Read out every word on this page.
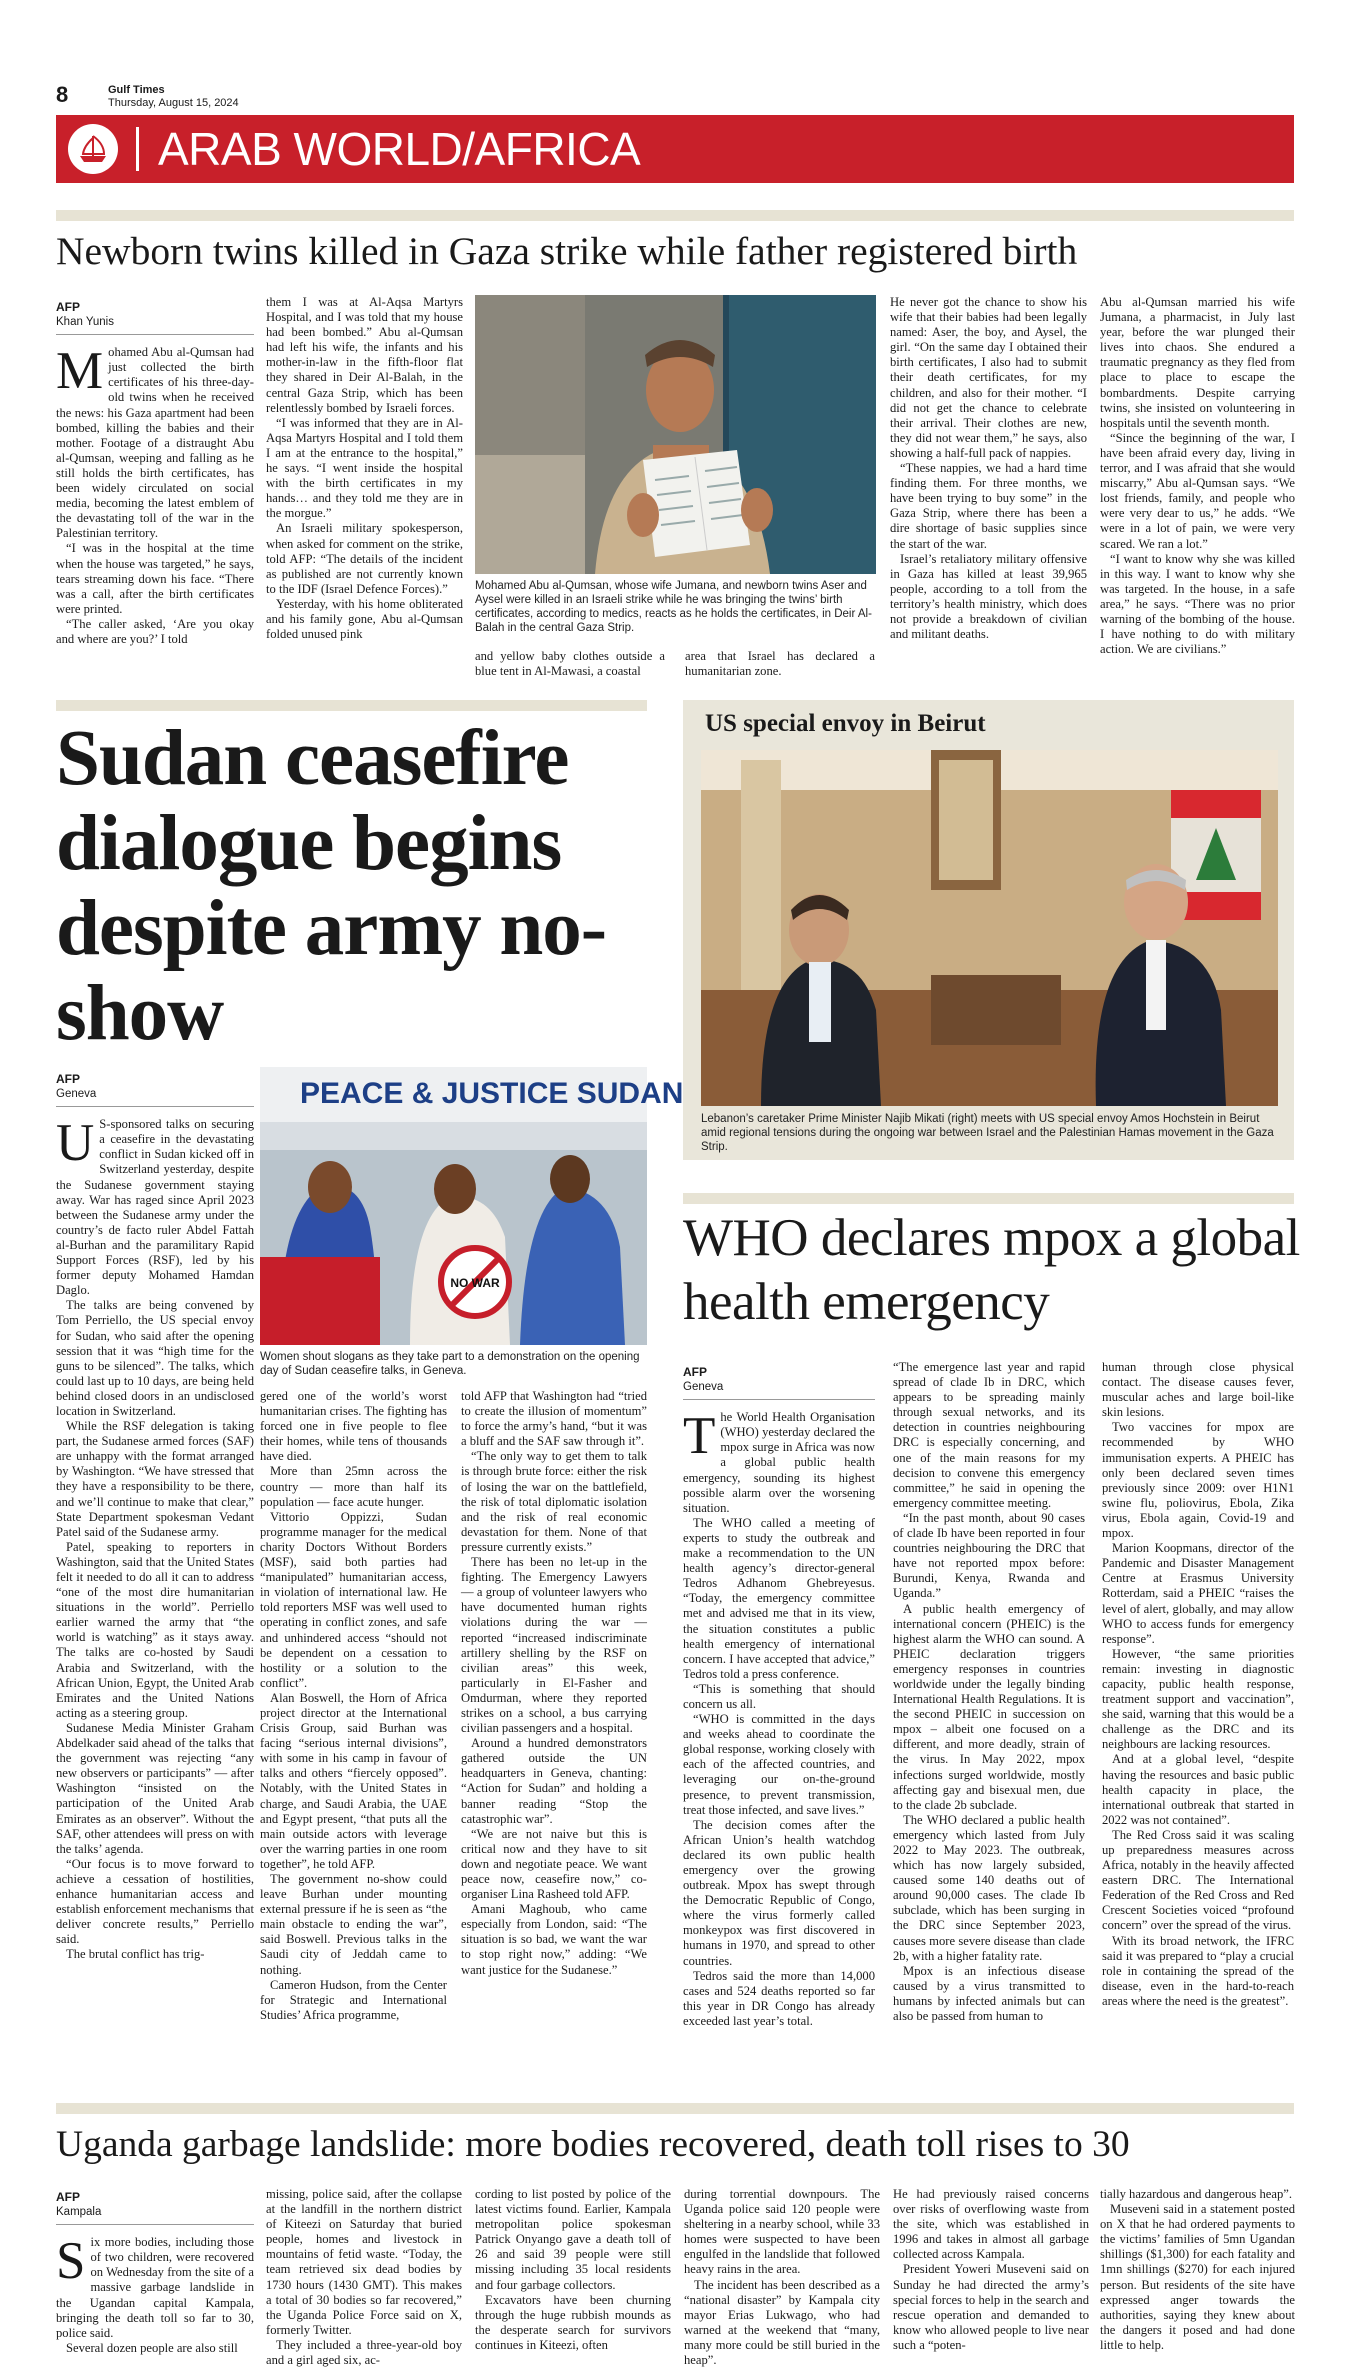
8	Gulf Times
Thursday, August 15, 2024
ARAB WORLD/AFRICA
Newborn twins killed in Gaza strike while father registered birth
AFP
Khan Yunis
M ohamed Abu al-Qumsan had just collected the birth certificates of his three-day-old twins when he received the news: his Gaza apartment had been bombed, killing the babies and their mother. Footage of a distraught Abu al-Qumsan, weeping and falling as he still holds the birth certificates, has been widely circulated on social media, becoming the latest emblem of the devastating toll of the war in the Palestinian territory.

“I was in the hospital at the time when the house was targeted,” he says, tears streaming down his face. “There was a call, after the birth certificates were printed.

“The caller asked, ‘Are you okay and where are you?’ I told

them I was at Al-Aqsa Martyrs Hospital, and I was told that my house had been bombed.” Abu al-Qumsan had left his wife, the infants and his mother-in-law in the fifth-floor flat they shared in Deir Al-Balah, in the central Gaza Strip, which has been relentlessly bombed by Israeli forces.

“I was informed that they are in Al-Aqsa Martyrs Hospital and I told them I am at the entrance to the hospital,” he says. “I went inside the hospital with the birth certificates in my hands… and they told me they are in the morgue.”

An Israeli military spokesperson, when asked for comment on the strike, told AFP: “The details of the incident as published are not currently known to the IDF (Israel Defence Forces).”

Yesterday, with his home obliterated and his family gone, Abu al-Qumsan folded unused pink

Mohamed Abu al-Qumsan, whose wife Jumana, and newborn twins Aser and Aysel were killed in an Israeli strike while he was bringing the twins’ birth certificates, according to medics, reacts as he holds the certificates, in Deir Al-Balah in the central Gaza Strip.
and yellow baby clothes outside a blue tent in Al-Mawasi, a coastal
area that Israel has declared a humanitarian zone.

He never got the chance to show his wife that their babies had been legally named: Aser, the boy, and Aysel, the girl. “On the same day I obtained their birth certificates, I also had to submit their death certificates, for my children, and also for their mother. “I did not get the chance to celebrate their arrival. Their clothes are new, they did not wear them,” he says, also showing a half-full pack of nappies.

“These nappies, we had a hard time finding them. For three months, we have been trying to buy some” in the Gaza Strip, where there has been a dire shortage of basic supplies since the start of the war.

Israel’s retaliatory military offensive in Gaza has killed at least 39,965 people, according to a toll from the territory’s health ministry, which does not provide a breakdown of civilian and militant deaths.

Abu al-Qumsan married his wife Jumana, a pharmacist, in July last year, before the war plunged their lives into chaos. She endured a traumatic pregnancy as they fled from place to place to escape the bombardments. Despite carrying twins, she insisted on volunteering in hospitals until the seventh month.

“Since the beginning of the war, I have been afraid every day, living in terror, and I was afraid that she would miscarry,” Abu al-Qumsan says. “We lost friends, family, and people who were very dear to us,” he adds. “We were in a lot of pain, we were very scared. We ran a lot.”

“I want to know why she was killed in this way. I want to know why she was targeted. In the house, in a safe area,” he says. “There was no prior warning of the bombing of the house. I have nothing to do with military action. We are civilians.”

Sudan ceasefire dialogue begins despite army no-show
AFP
Geneva
U S-sponsored talks on securing a ceasefire in the devastating conflict in Sudan kicked off in Switzerland yesterday, despite the Sudanese government staying away. War has raged since April 2023 between the Sudanese army under the country’s de facto ruler Abdel Fattah al-Burhan and the paramilitary Rapid Support Forces (RSF), led by his former deputy Mohamed Hamdan Daglo.

The talks are being convened by Tom Perriello, the US special envoy for Sudan, who said after the opening session that it was “high time for the guns to be silenced”. The talks, which could last up to 10 days, are being held behind closed doors in an undisclosed location in Switzerland.

While the RSF delegation is taking part, the Sudanese armed forces (SAF) are unhappy with the format arranged by Washington. “We have stressed that they have a responsibility to be there, and we’ll continue to make that clear,” State Department spokesman Vedant Patel said of the Sudanese army.

Patel, speaking to reporters in Washington, said that the United States felt it needed to do all it can to address “one of the most dire humanitarian situations in the world”. Perriello earlier warned the army that “the world is watching” as it stays away. The talks are co-hosted by Saudi Arabia and Switzerland, with the African Union, Egypt, the United Arab Emirates and the United Nations acting as a steering group.

Sudanese Media Minister Graham Abdelkader said ahead of the talks that the government was rejecting “any new observers or participants” — after Washington “insisted on the participation of the United Arab Emirates as an observer”. Without the SAF, other attendees will press on with the talks’ agenda.

“Our focus is to move forward to achieve a cessation of hostilities, enhance humanitarian access and establish enforcement mechanisms that deliver concrete results,” Perriello said.

The brutal conflict has trig-

PEACE & JUSTICE SUDAN
NO WAR
Women shout slogans as they take part to a demonstration on the opening day of Sudan ceasefire talks, in Geneva.

gered one of the world’s worst humanitarian crises. The fighting has forced one in five people to flee their homes, while tens of thousands have died.

More than 25mn across the country — more than half its population — face acute hunger.

Vittorio Oppizzi, Sudan programme manager for the medical charity Doctors Without Borders (MSF), said both parties had “manipulated” humanitarian access, in violation of international law. He told reporters MSF was well used to operating in conflict zones, and safe and unhindered access “should not be dependent on a cessation to hostility or a solution to the conflict”.

Alan Boswell, the Horn of Africa project director at the International Crisis Group, said Burhan was facing “serious internal divisions”, with some in his camp in favour of talks and others “fiercely opposed”. Notably, with the United States in charge, and Saudi Arabia, the UAE and Egypt present, “that puts all the main outside actors with leverage over the warring parties in one room together”, he told AFP.

The government no-show could leave Burhan under mounting external pressure if he is seen as “the main obstacle to ending the war”, said Boswell. Previous talks in the Saudi city of Jeddah came to nothing.

Cameron Hudson, from the Center for Strategic and International Studies’ Africa programme,

told AFP that Washington had “tried to create the illusion of momentum” to force the army’s hand, “but it was a bluff and the SAF saw through it”.

“The only way to get them to talk is through brute force: either the risk of losing the war on the battlefield, the risk of total diplomatic isolation and the risk of real economic devastation for them. None of that pressure currently exists.”

There has been no let-up in the fighting. The Emergency Lawyers — a group of volunteer lawyers who have documented human rights violations during the war — reported “increased indiscriminate artillery shelling by the RSF on civilian areas” this week, particularly in El-Fasher and Omdurman, where they reported strikes on a school, a bus carrying civilian passengers and a hospital.

Around a hundred demonstrators gathered outside the UN headquarters in Geneva, chanting: “Action for Sudan” and holding a banner reading “Stop the catastrophic war”.

“We are not naive but this is critical now and they have to sit down and negotiate peace. We want peace now, ceasefire now,” co-organiser Lina Rasheed told AFP.

Amani Maghoub, who came especially from London, said: “The situation is so bad, we want the war to stop right now,” adding: “We want justice for the Sudanese.”

US special envoy in Beirut
Lebanon’s caretaker Prime Minister Najib Mikati (right) meets with US special envoy Amos Hochstein in Beirut amid regional tensions during the ongoing war between Israel and the Palestinian Hamas movement in the Gaza Strip.
WHO declares mpox a global health emergency
AFP
Geneva
T he World Health Organisation (WHO) yesterday declared the mpox surge in Africa was now a global public health emergency, sounding its highest possible alarm over the worsening situation.

The WHO called a meeting of experts to study the outbreak and make a recommendation to the UN health agency’s director-general Tedros Adhanom Ghebreyesus. “Today, the emergency committee met and advised me that in its view, the situation constitutes a public health emergency of international concern. I have accepted that advice,” Tedros told a press conference.

“This is something that should concern us all.

“WHO is committed in the days and weeks ahead to coordinate the global response, working closely with each of the affected countries, and leveraging our on-the-ground presence, to prevent transmission, treat those infected, and save lives.”

The decision comes after the African Union’s health watchdog declared its own public health emergency over the growing outbreak. Mpox has swept through the Democratic Republic of Congo, where the virus formerly called monkeypox was first discovered in humans in 1970, and spread to other countries.

Tedros said the more than 14,000 cases and 524 deaths reported so far this year in DR Congo has already exceeded last year’s total.

“The emergence last year and rapid spread of clade Ib in DRC, which appears to be spreading mainly through sexual networks, and its detection in countries neighbouring DRC is especially concerning, and one of the main reasons for my decision to convene this emergency committee,” he said in opening the emergency committee meeting.

“In the past month, about 90 cases of clade Ib have been reported in four countries neighbouring the DRC that have not reported mpox before: Burundi, Kenya, Rwanda and Uganda.”

A public health emergency of international concern (PHEIC) is the highest alarm the WHO can sound. A PHEIC declaration triggers emergency responses in countries worldwide under the legally binding International Health Regulations. It is the second PHEIC in succession on mpox – albeit one focused on a different, and more deadly, strain of the virus. In May 2022, mpox infections surged worldwide, mostly affecting gay and bisexual men, due to the clade 2b subclade.

The WHO declared a public health emergency which lasted from July 2022 to May 2023. The outbreak, which has now largely subsided, caused some 140 deaths out of around 90,000 cases. The clade Ib subclade, which has been surging in the DRC since September 2023, causes more severe disease than clade 2b, with a higher fatality rate.

Mpox is an infectious disease caused by a virus transmitted to humans by infected animals but can also be passed from human to

human through close physical contact. The disease causes fever, muscular aches and large boil-like skin lesions.

Two vaccines for mpox are recommended by WHO immunisation experts. A PHEIC has only been declared seven times previously since 2009: over H1N1 swine flu, poliovirus, Ebola, Zika virus, Ebola again, Covid-19 and mpox.

Marion Koopmans, director of the Pandemic and Disaster Management Centre at Erasmus University Rotterdam, said a PHEIC “raises the level of alert, globally, and may allow WHO to access funds for emergency response”.

However, “the same priorities remain: investing in diagnostic capacity, public health response, treatment support and vaccination”, she said, warning that this would be a challenge as the DRC and its neighbours are lacking resources.

And at a global level, “despite having the resources and basic public health capacity in place, the international outbreak that started in 2022 was not contained”.

The Red Cross said it was scaling up preparedness measures across Africa, notably in the heavily affected eastern DRC. The International Federation of the Red Cross and Red Crescent Societies voiced “profound concern” over the spread of the virus.

With its broad network, the IFRC said it was prepared to “play a crucial role in containing the spread of the disease, even in the hard-to-reach areas where the need is the greatest”.

Uganda garbage landslide: more bodies recovered, death toll rises to 30
AFP
Kampala
S ix more bodies, including those of two children, were recovered on Wednesday from the site of a massive garbage landslide in the Ugandan capital Kampala, bringing the death toll so far to 30, police said.

Several dozen people are also still

missing, police said, after the collapse at the landfill in the northern district of Kiteezi on Saturday that buried people, homes and livestock in mountains of fetid waste. “Today, the team retrieved six dead bodies by 1730 hours (1430 GMT). This makes a total of 30 bodies so far recovered,” the Uganda Police Force said on X, formerly Twitter.

They included a three-year-old boy and a girl aged six, ac-

cording to list posted by police of the latest victims found. Earlier, Kampala metropolitan police spokesman Patrick Onyango gave a death toll of 26 and said 39 people were still missing including 35 local residents and four garbage collectors.

Excavators have been churning through the huge rubbish mounds as the desperate search for survivors continues in Kiteezi, often

during torrential downpours. The Uganda police said 120 people were sheltering in a nearby school, while 33 homes were suspected to have been engulfed in the landslide that followed heavy rains in the area.

The incident has been described as a “national disaster” by Kampala city mayor Erias Lukwago, who had warned at the weekend that “many, many more could be still buried in the heap”.

He had previously raised concerns over risks of overflowing waste from the site, which was established in 1996 and takes in almost all garbage collected across Kampala.

President Yoweri Museveni said on Sunday he had directed the army’s special forces to help in the search and rescue operation and demanded to know who allowed people to live near such a “poten-

tially hazardous and dangerous heap”.

Museveni said in a statement posted on X that he had ordered payments to the victims’ families of 5mn Ugandan shillings ($1,300) for each fatality and 1mn shillings ($270) for each injured person. But residents of the site have expressed anger towards the authorities, saying they knew about the dangers it posed and had done little to help.
